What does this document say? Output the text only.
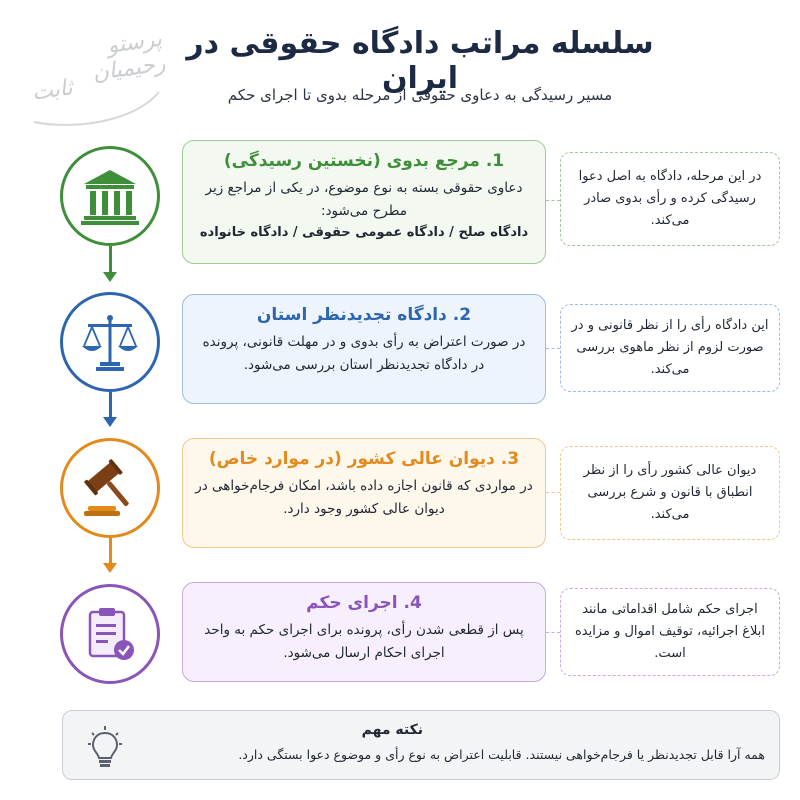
سلسله مراتب دادگاه حقوقی در ایران
مسیر رسیدگی به دعاوی حقوقی از مرحله بدوی تا اجرای حکم
پرستو رحیمیان
ثابت
1. مرجع بدوی (نخستین رسیدگی)
دعاوی حقوقی بسته به نوع موضوع، در یکی از مراجع زیر مطرح می‌شود:
دادگاه صلح / دادگاه عمومی حقوقی / دادگاه خانواده
در این مرحله، دادگاه به اصل دعوا رسیدگی کرده و رأی بدوی صادر می‌کند.
2. دادگاه تجدیدنظر استان
در صورت اعتراض به رأی بدوی و در مهلت قانونی، پرونده در دادگاه تجدیدنظر استان بررسی می‌شود.
این دادگاه رأی را از نظر قانونی و در صورت لزوم از نظر ماهوی بررسی می‌کند.
3. دیوان عالی کشور (در موارد خاص)
در مواردی که قانون اجازه داده باشد، امکان فرجام‌خواهی در دیوان عالی کشور وجود دارد.
دیوان عالی کشور رأی را از نظر انطباق با قانون و شرع بررسی می‌کند.
4. اجرای حکم
پس از قطعی شدن رأی، پرونده برای اجرای حکم به واحد اجرای احکام ارسال می‌شود.
اجرای حکم شامل اقداماتی مانند ابلاغ اجرائیه، توقیف اموال و مزایده است.
نکته مهم
همه آرا قابل تجدیدنظر یا فرجام‌خواهی نیستند. قابلیت اعتراض به نوع رأی و موضوع دعوا بستگی دارد.
